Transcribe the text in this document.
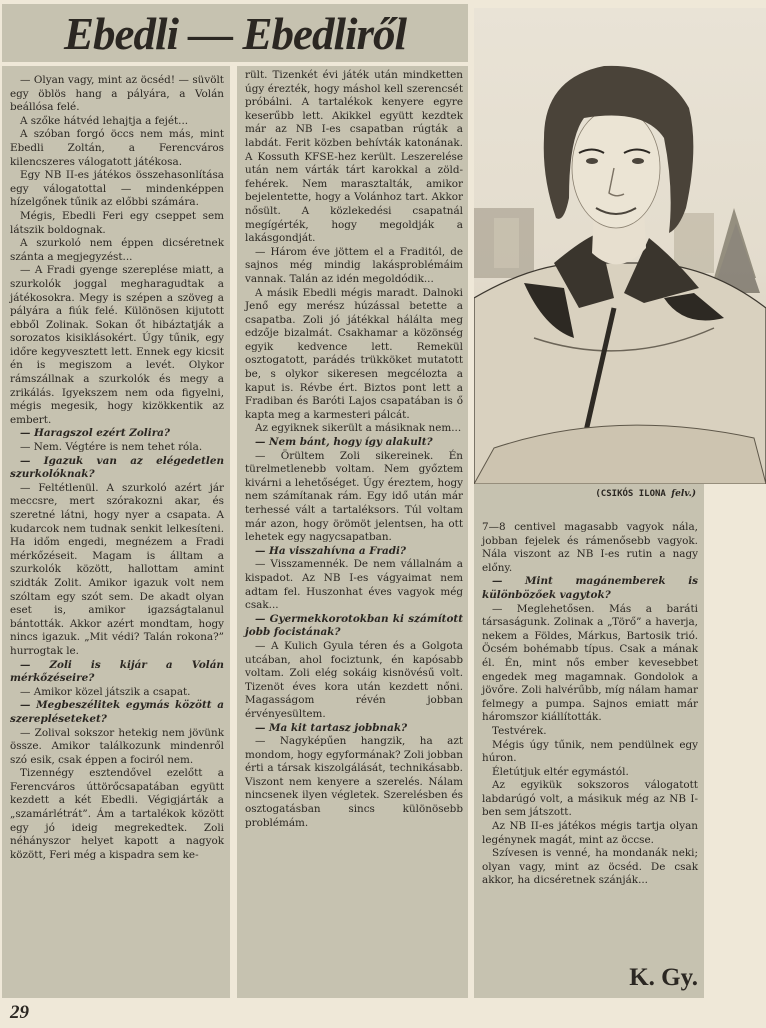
Ebedli — Ebedliről

— Olyan vagy, mint az öcséd! — süvölt egy öblös hang a pályára, a Volán beállósa felé.

A szőke hátvéd lehajtja a fejét...

A szóban forgó öccs nem más, mint Ebedli Zoltán, a Ferencváros kilencszeres válogatott játékosa.

Egy NB II-es játékos összehasonlítása egy válogatottal — mindenképpen hízelgőnek tűnik az előbbi számára.

Mégis, Ebedli Feri egy cseppet sem látszik boldognak.

A szurkoló nem éppen dicséretnek szánta a megjegyzést...

— A Fradi gyenge szereplése miatt, a szurkolók joggal megharagudtak a játékosokra. Megy is szépen a szöveg a pályára a fiúk felé. Különösen kijutott ebből Zolinak. Sokan őt hibáztatják a sorozatos kisiklásokért. Úgy tűnik, egy időre kegyvesztett lett. Ennek egy kicsit én is megiszom a levét. Olykor rámszállnak a szurkolók és megy a zrikálás. Igyekszem nem oda figyelni, mégis megesik, hogy kizökkentik az embert.

— Haragszol ezért Zolira?

— Nem. Végtére is nem tehet róla.

— Igazuk van az elégedetlen szurkolóknak?

— Feltétlenül. A szurkoló azért jár meccsre, mert szórakozni akar, és szeretné látni, hogy nyer a csapata. A kudarcok nem tudnak senkit lelkesíteni. Ha időm engedi, megnézem a Fradi mérkőzéseit. Magam is álltam a szurkolók között, hallottam amint szidták Zolit. Amikor igazuk volt nem szóltam egy szót sem. De akadt olyan eset is, amikor igazságtalanul bántották. Akkor azért mondtam, hogy nincs igazuk. „Mit védi? Talán rokona?” hurrogtak le.

— Zoli is kijár a Volán mérkőzéseire?

— Amikor közel játszik a csapat.

— Megbeszélitek egymás között a szerepléseteket?

— Zolival sokszor hetekig nem jövünk össze. Amikor találkozunk mindenről szó esik, csak éppen a fociról nem.

Tizennégy esztendővel ezelőtt a Ferencváros úttörőcsapatában együtt kezdett a két Ebedli. Végigjárták a „szamárlétrát”. Ám a tartalékok között egy jó ideig megrekedtek. Zoli néhányszor helyet kapott a nagyok között, Feri még a kispadra sem ke-

rült. Tizenkét évi játék után mindketten úgy érezték, hogy máshol kell szerencsét próbálni. A tartalékok kenyere egyre keserűbb lett. Akikkel együtt kezdtek már az NB I-es csapatban rúgták a labdát. Ferit közben behívták katonának. A Kossuth KFSE-hez került. Leszerelése után nem várták tárt karokkal a zöld-fehérek. Nem marasztalták, amikor bejelentette, hogy a Volánhoz tart. Akkor nősült. A közlekedési csapatnál megígérték, hogy megoldják a lakásgondját.

— Három éve jöttem el a Fraditól, de sajnos még mindig lakásproblémáim vannak. Talán az idén megoldódik...

A másik Ebedli mégis maradt. Dalnoki Jenő egy merész húzással betette a csapatba. Zoli jó játékkal hálálta meg edzője bizalmát. Csakhamar a közönség egyik kedvence lett. Remekül osztogatott, parádés trükköket mutatott be, s olykor sikeresen megcélozta a kaput is. Révbe ért. Biztos pont lett a Fradiban és Baróti Lajos csapatában is ő kapta meg a karmesteri pálcát.

Az egyiknek sikerült a másiknak nem...

— Nem bánt, hogy így alakult?

— Örültem Zoli sikereinek. Én türelmetlenebb voltam. Nem győztem kivárni a lehetőséget. Úgy éreztem, hogy nem számítanak rám. Egy idő után már terhessé vált a tartaléksors. Túl voltam már azon, hogy örömöt jelentsen, ha ott lehetek egy nagycsapatban.

— Ha visszahívna a Fradi?

— Visszamennék. De nem vállalnám a kispadot. Az NB I-es vágyaimat nem adtam fel. Huszonhat éves vagyok még csak...

— Gyermekkorotokban ki számított jobb focistának?

— A Kulich Gyula téren és a Golgota utcában, ahol fociztunk, én kapósabb voltam. Zoli elég sokáig kisnövésű volt. Tizenöt éves kora után kezdett nőni. Magasságom révén jobban érvényesültem.

— Ma kit tartasz jobbnak?

— Nagyképűen hangzik, ha azt mondom, hogy egyformának? Zoli jobban érti a társak kiszolgálását, technikásabb. Viszont nem kenyere a szerelés. Nálam nincsenek ilyen végletek. Szerelésben és osztogatásban sincs különösebb problémám.

(CSIKÓS ILONA felv.)

7—8 centivel magasabb vagyok nála, jobban fejelek és rámenősebb vagyok. Nála viszont az NB I-es rutin a nagy előny.

— Mint magánemberek is különbözőek vagytok?

— Meglehetősen. Más a baráti társaságunk. Zolinak a „Törő” a haverja, nekem a Földes, Márkus, Bartosik trió. Öcsém bohémabb típus. Csak a mának él. Én, mint nős ember kevesebbet engedek meg magamnak. Gondolok a jövőre. Zoli halvérűbb, míg nálam hamar felmegy a pumpa. Sajnos emiatt már háromszor kiállították.

Testvérek.

Mégis úgy tűnik, nem pendülnek egy húron.

Életútjuk eltér egymástól.

Az egyikük sokszoros válogatott labdarúgó volt, a másikuk még az NB I-ben sem játszott.

Az NB II-es játékos mégis tartja olyan legénynek magát, mint az öccse.

Szívesen is venné, ha mondanák neki; olyan vagy, mint az öcséd. De csak akkor, ha dicséretnek szánják...

K. Gy.
29
